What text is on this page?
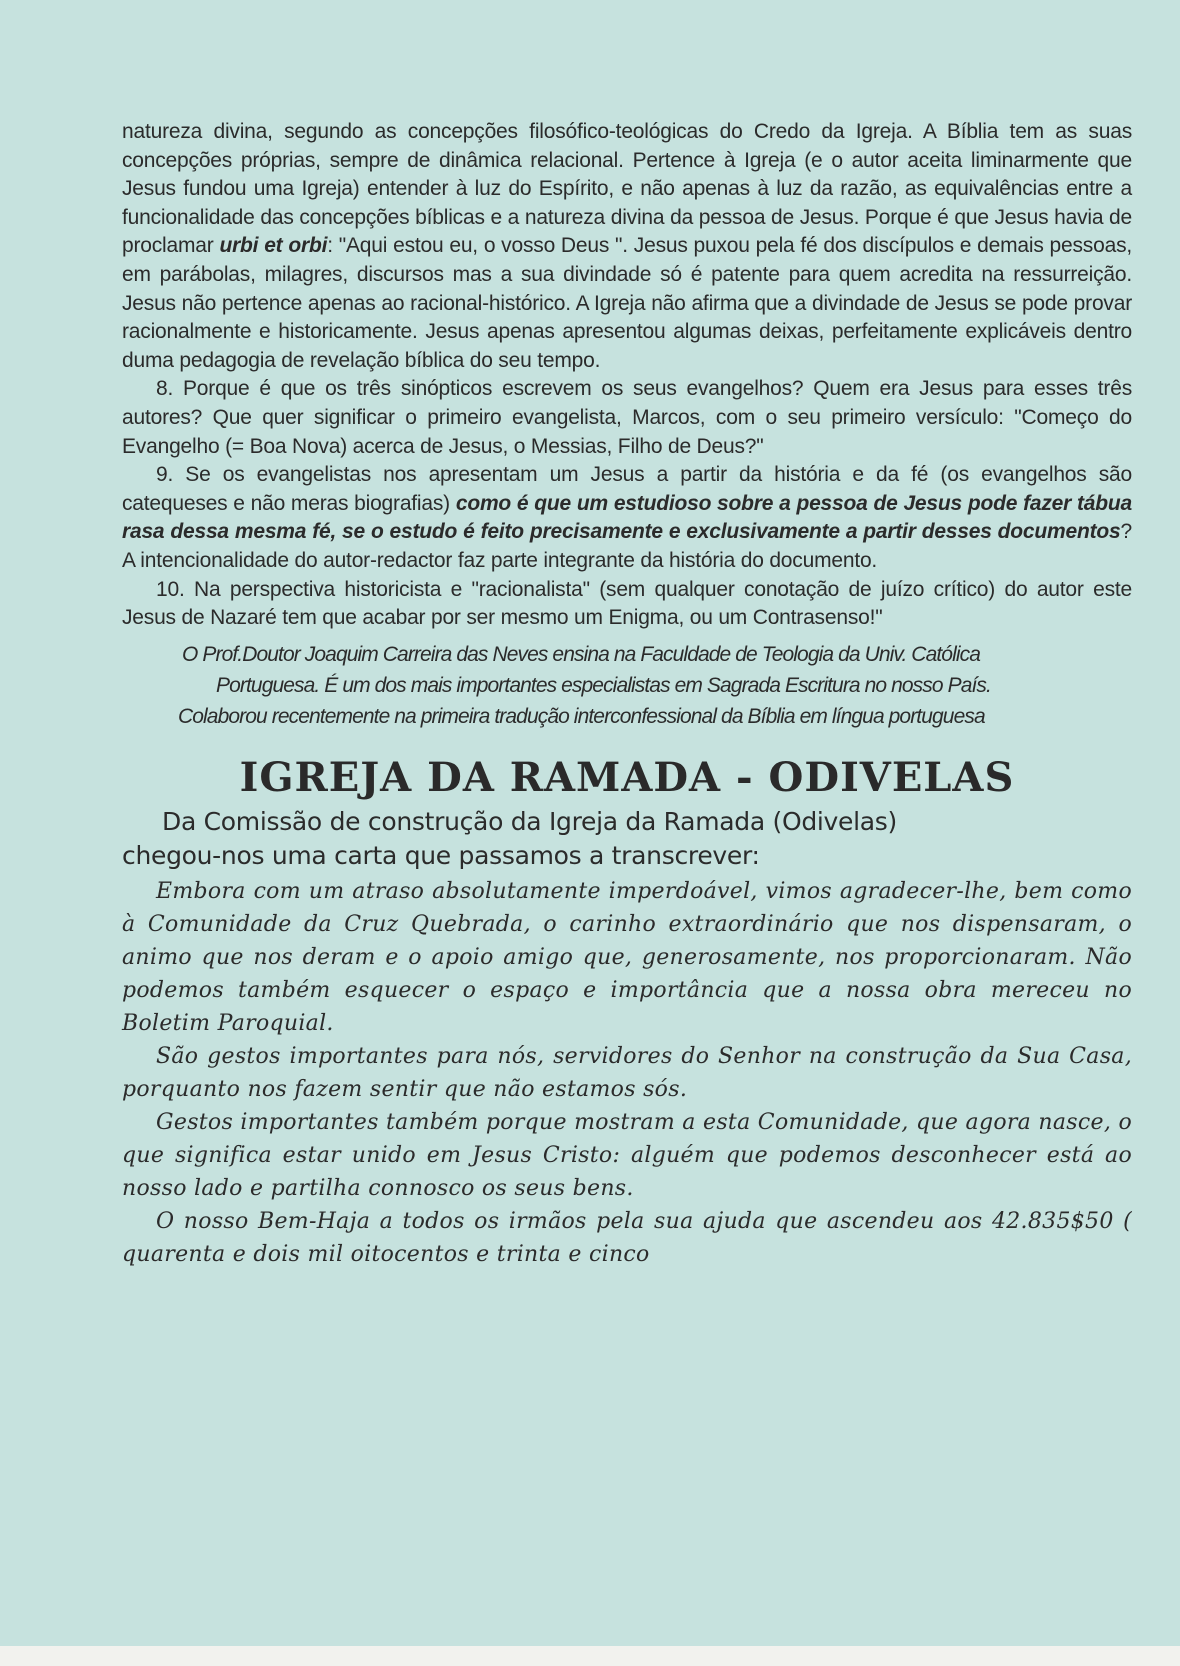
natureza divina, segundo as concepções filosófico-teológicas do Credo da Igreja. A Bíblia tem as suas concepções próprias, sempre de dinâmica relacional. Pertence à Igreja (e o autor aceita liminarmente que Jesus fundou uma Igreja) entender à luz do Espírito, e não apenas à luz da razão, as equivalências entre a funcionalidade das concepções bíblicas e a natureza divina da pessoa de Jesus. Porque é que Jesus havia de proclamar urbi et orbi: "Aqui estou eu, o vosso Deus ". Jesus puxou pela fé dos discípulos e demais pessoas, em parábolas, milagres, discursos mas a sua divindade só é patente para quem acredita na ressurreição. Jesus não pertence apenas ao racional-histórico. A Igreja não afirma que a divindade de Jesus se pode provar racionalmente e historicamente. Jesus apenas apresentou algumas deixas, perfeitamente explicáveis dentro duma pedagogia de revelação bíblica do seu tempo.

8. Porque é que os três sinópticos escrevem os seus evangelhos? Quem era Jesus para esses três autores? Que quer significar o primeiro evangelista, Marcos, com o seu primeiro versículo: "Começo do Evangelho (= Boa Nova) acerca de Jesus, o Messias, Filho de Deus?"

9. Se os evangelistas nos apresentam um Jesus a partir da história e da fé (os evangelhos são catequeses e não meras biografias) como é que um estudioso sobre a pessoa de Jesus pode fazer tábua rasa dessa mesma fé, se o estudo é feito precisamente e exclusivamente a partir desses documentos? A intencionalidade do autor-redactor faz parte integrante da história do documento.

10. Na perspectiva historicista e "racionalista" (sem qualquer conotação de juízo crítico) do autor este Jesus de Nazaré tem que acabar por ser mesmo um Enigma, ou um Contrasenso!"

O Prof.Doutor Joaquim Carreira das Neves ensina na Faculdade de Teologia da Univ. Católica
Portuguesa. É um dos mais importantes especialistas em Sagrada Escritura no nosso País.
Colaborou recentemente na primeira tradução interconfessional da Bíblia em língua portuguesa
IGREJA DA RAMADA - ODIVELAS
Da Comissão de construção da Igreja da Ramada (Odivelas)
chegou-nos uma carta que passamos a transcrever:

Embora com um atraso absolutamente imperdoável, vimos agradecer-lhe, bem como à Comunidade da Cruz Quebrada, o carinho extraordinário que nos dispensaram, o animo que nos deram e o apoio amigo que, generosamente, nos proporcionaram. Não podemos também esquecer o espaço e importância que a nossa obra mereceu no Boletim Paroquial.

São gestos importantes para nós, servidores do Senhor na construção da Sua Casa, porquanto nos fazem sentir que não estamos sós.

Gestos importantes também porque mostram a esta Comunidade, que agora nasce, o que significa estar unido em Jesus Cristo: alguém que podemos desconhecer está ao nosso lado e partilha connosco os seus bens.

O nosso Bem-Haja a todos os irmãos pela sua ajuda que ascendeu aos 42.835$50 ( quarenta e dois mil oitocentos e trinta e cinco
